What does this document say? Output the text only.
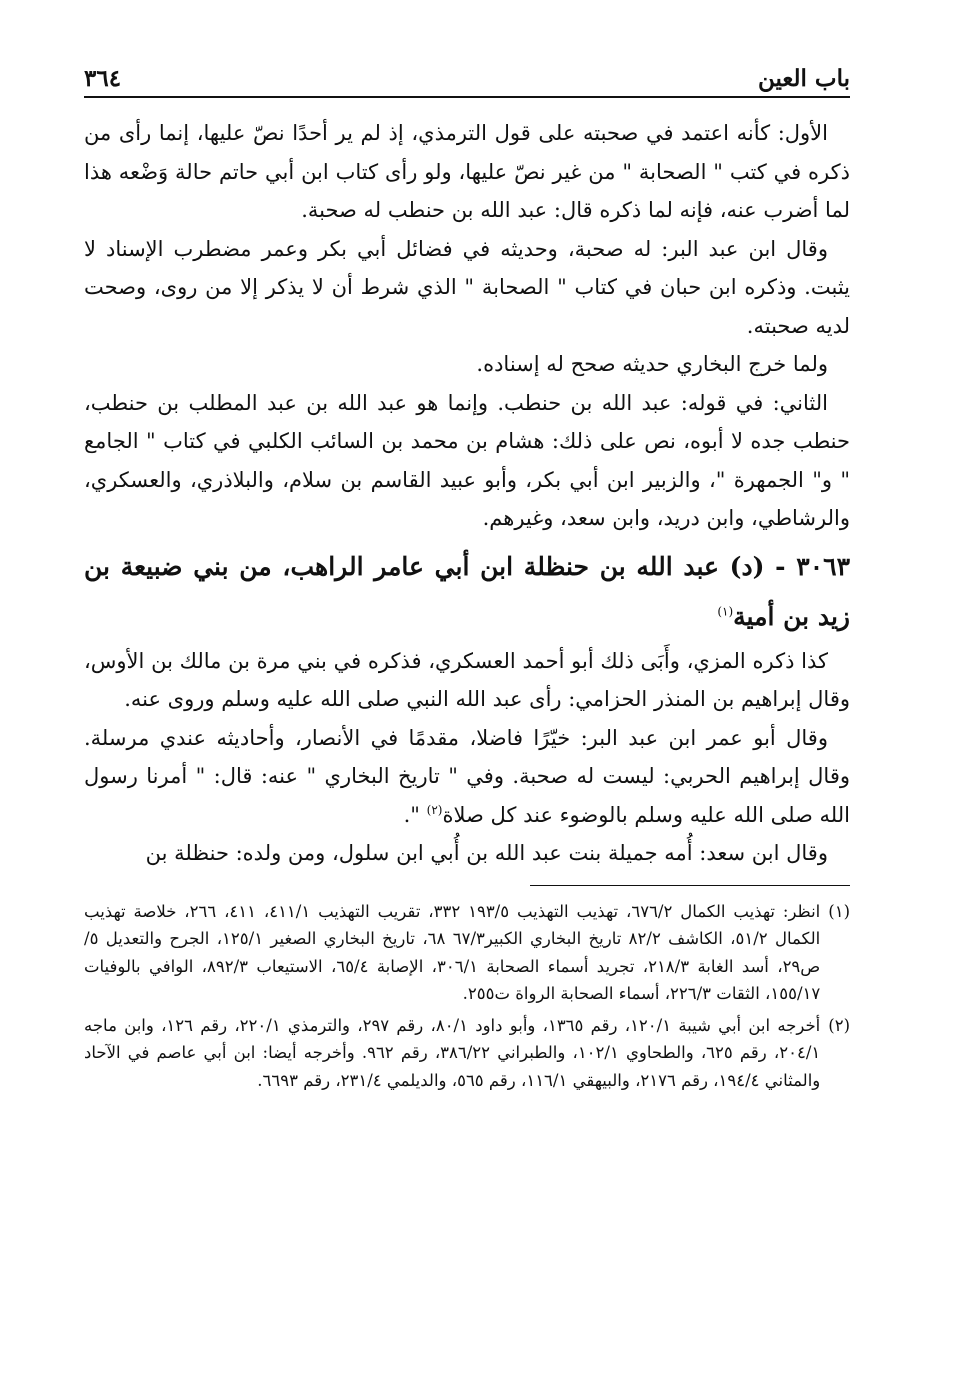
باب العين
٣٦٤

الأول: كأنه اعتمد في صحبته على قول الترمذي، إذ لم ير أحدًا نصّ عليها، إنما رأى من ذكره في كتب " الصحابة " من غير نصّ عليها، ولو رأى كتاب ابن أبي حاتم حالة وَضْعه هذا لما أضرب عنه، فإنه لما ذكره قال: عبد الله بن حنطب له صحبة.

وقال ابن عبد البر: له صحبة، وحديثه في فضائل أبي بكر وعمر مضطرب الإسناد لا يثبت. وذكره ابن حبان في كتاب " الصحابة " الذي شرط أن لا يذكر إلا من روى، وصحت لديه صحبته.

ولما خرج البخاري حديثه صحح له إسناده.

الثاني: في قوله: عبد الله بن حنطب. وإنما هو عبد الله بن عبد المطلب بن حنطب، حنطب جده لا أبوه، نص على ذلك: هشام بن محمد بن السائب الكلبي في كتاب " الجامع " و" الجمهرة "، والزبير ابن أبي بكر، وأبو عبيد القاسم بن سلام، والبلاذري، والعسكري، والرشاطي، وابن دريد، وابن سعد، وغيرهم.

٣٠٦٣ - (د) عبد الله بن حنظلة ابن أبي عامر الراهب، من بني ضبيعة بن زيد بن أمية$^{(١)}$

كذا ذكره المزي، وأَبَى ذلك أبو أحمد العسكري، فذكره في بني مرة بن مالك بن الأوس، وقال إبراهيم بن المنذر الحزامي: رأى عبد الله النبي صلى الله عليه وسلم وروى عنه.

وقال أبو عمر ابن عبد البر: خيّرًا فاضلا، مقدمًا في الأنصار، وأحاديثه عندي مرسلة. وقال إبراهيم الحربي: ليست له صحبة. وفي " تاريخ البخاري " عنه: قال: " أمرنا رسول الله صلى الله عليه وسلم بالوضوء عند كل صلاة$^{(٢)}$ ".

وقال ابن سعد: أُمه جميلة بنت عبد الله بن أُبي ابن سلول، ومن ولده: حنظلة بن

(١)
انظر: تهذيب الكمال ٦٧٦/٢، تهذيب التهذيب ١٩٣/٥ ٣٣٢، تقريب التهذيب ٤١١/١، ٤١١، ٢٦٦، خلاصة تهذيب الكمال ٥١/٢، الكاشف ٨٢/٢ تاريخ البخاري الكبير٦٧/٣ ٦٨، تاريخ البخاري الصغير ١٢٥/١، الجرح والتعديل ٥/ص٢٩، أسد الغابة ٢١٨/٣، تجريد أسماء الصحابة ٣٠٦/١، الإصابة ٦٥/٤، الاستيعاب ٨٩٢/٣، الوافي بالوفيات ١٥٥/١٧، الثقات ٢٢٦/٣، أسماء الصحابة الرواة ت٢٥٥.
(٢)
أخرجه ابن أبي شيبة ١٢٠/١، رقم ١٣٦٥، وأبو داود ٨٠/١، رقم ٢٩٧، والترمذي ٢٢٠/١، رقم ١٢٦، وابن ماجه ٢٠٤/١، رقم ٦٢٥، والطحاوي ١٠٢/١، والطبراني ٣٨٦/٢٢، رقم ٩٦٢. وأخرجه أيضا: ابن أبي عاصم في الآحاد والمثاني ١٩٤/٤، رقم ٢١٧٦، والبيهقي ١١٦/١، رقم ٥٦٥، والديلمي ٢٣١/٤، رقم ٦٦٩٣.
